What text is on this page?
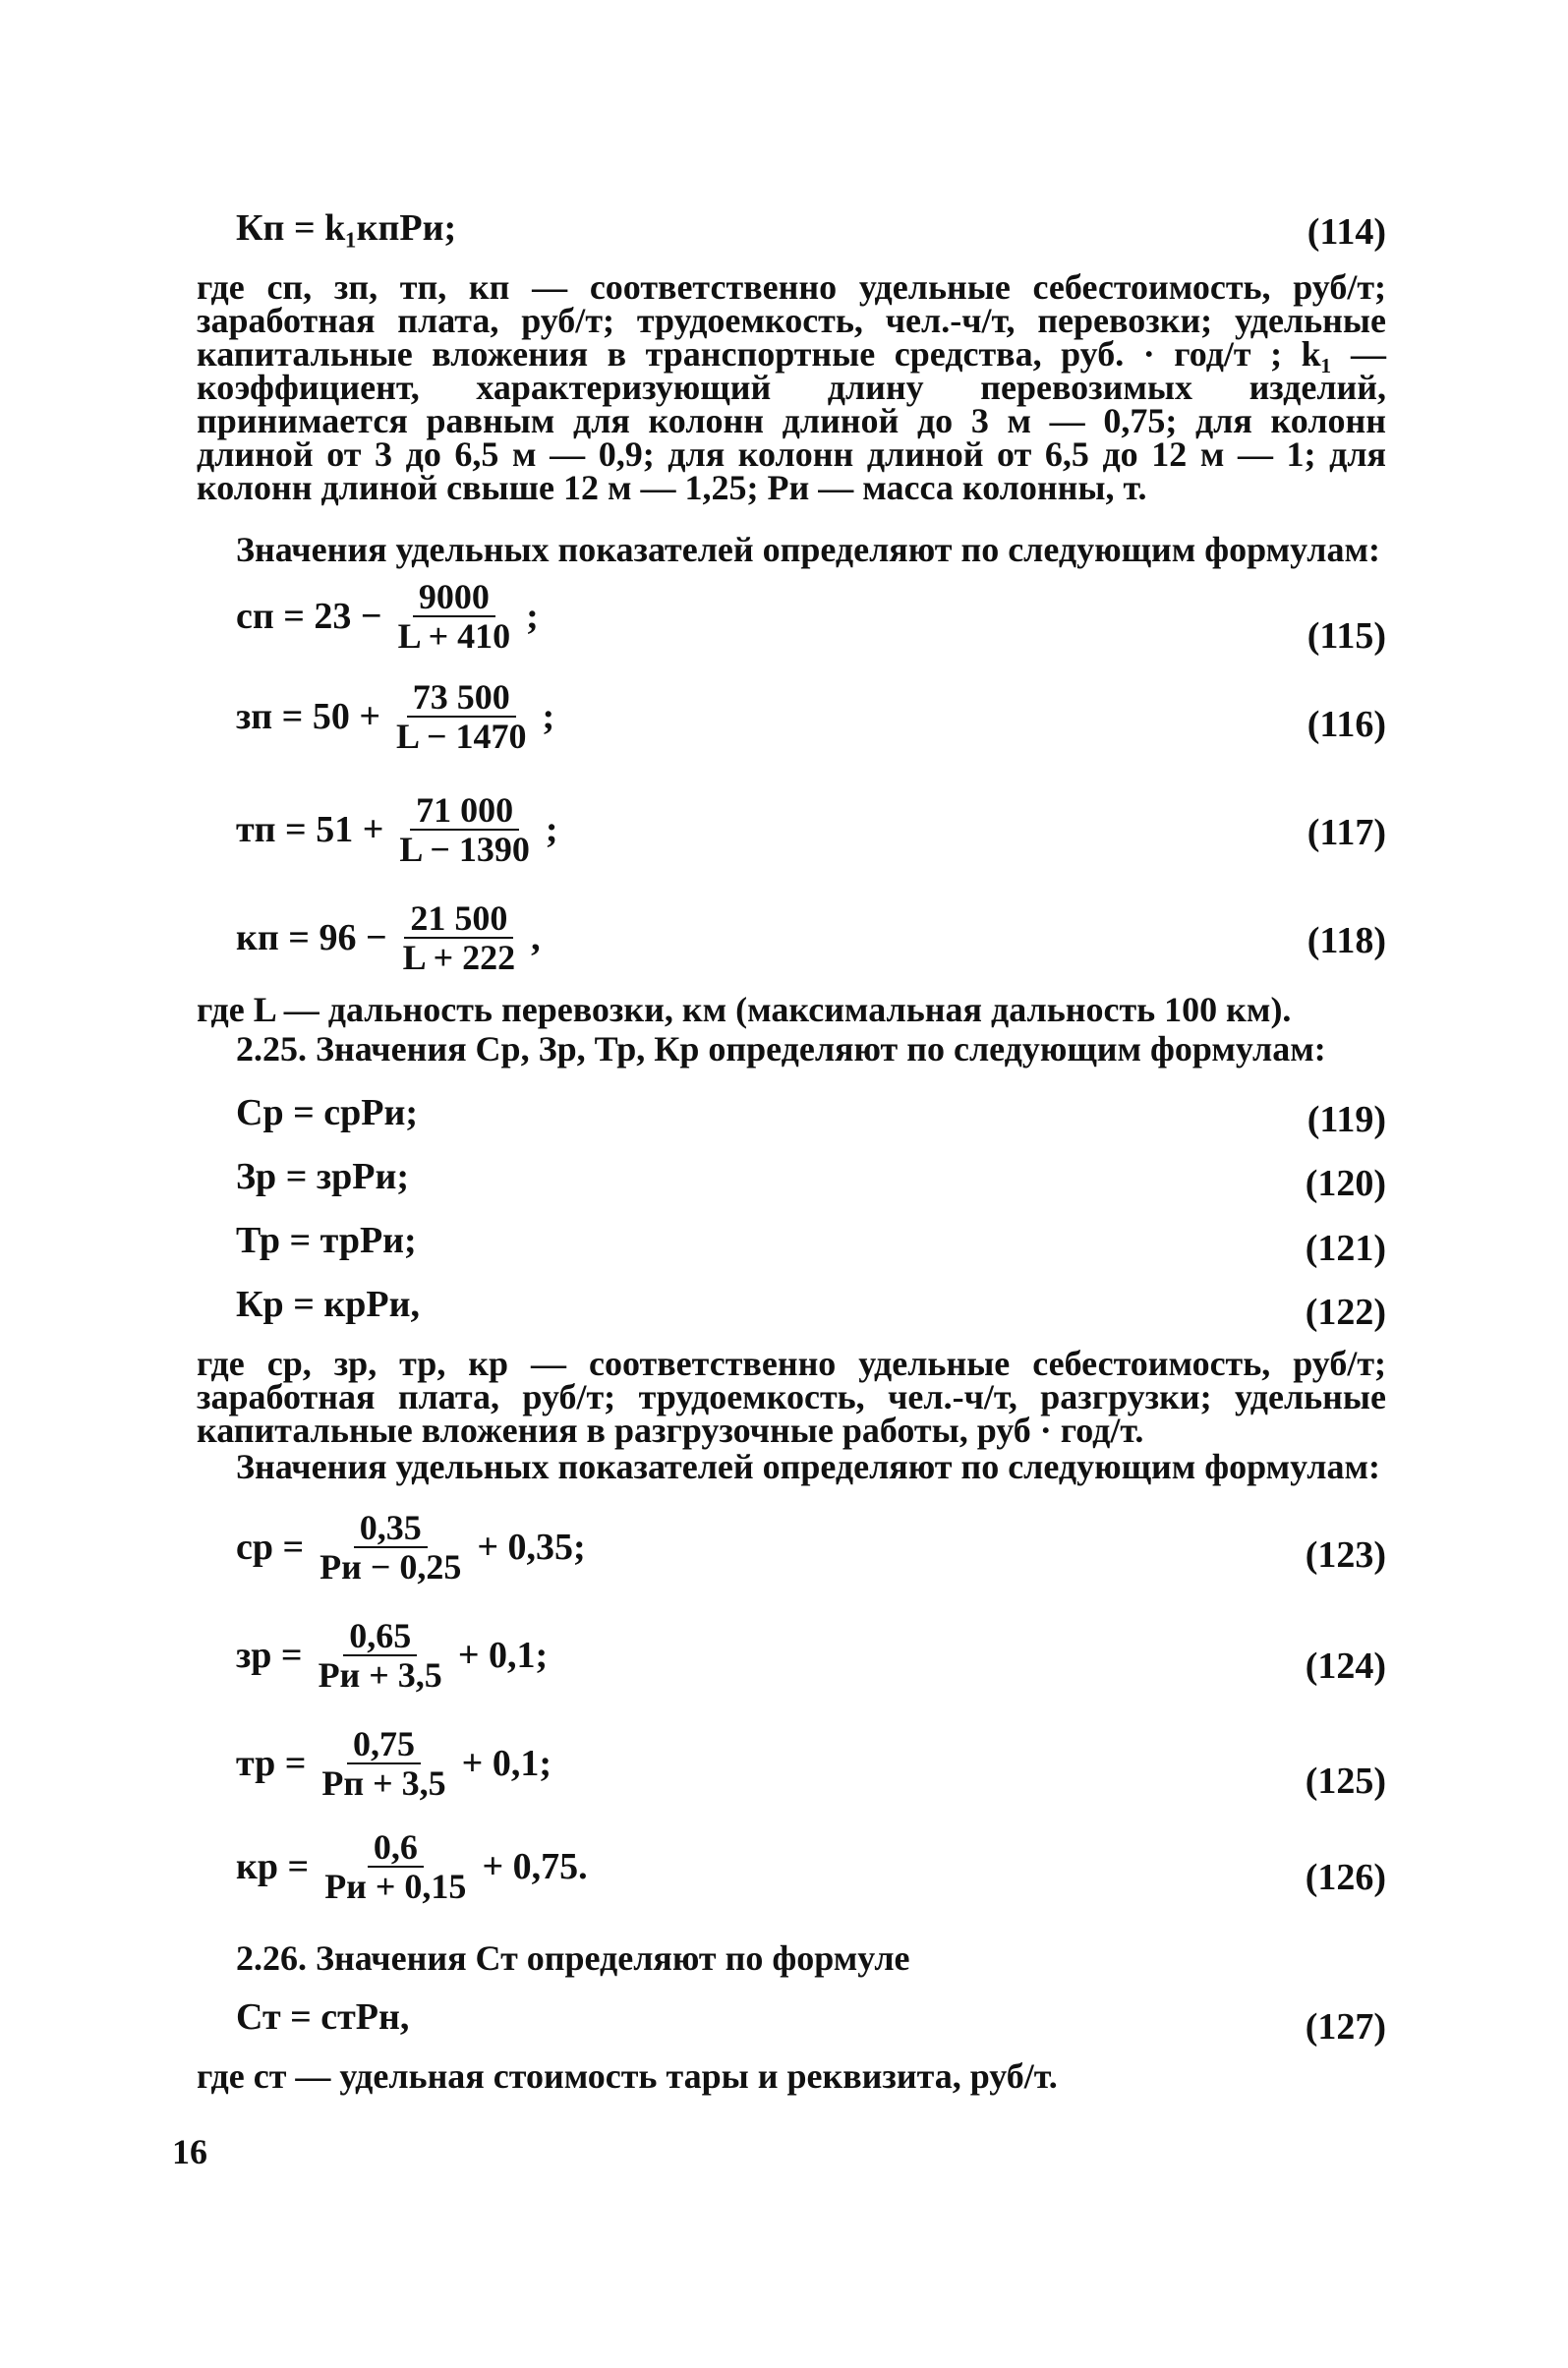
Кп = k₁кпРи;	(114)
где сп, зп, тп, кп — соответственно удельные себестоимость, руб/т; заработная плата, руб/т; трудоемкость, чел.-ч/т, перевозки; удельные капитальные вложения в транспортные средства, руб. · год/т ; k₁ — коэффициент, характеризующий длину перевозимых изделий, принимается равным для колонн длиной до 3 м — 0,75; для колонн длиной от 3 до 6,5 м — 0,9; для колонн длиной от 6,5 до 12 м — 1; для колонн длиной свыше 12 м — 1,25; Ри — масса колонны, т.
Значения удельных показателей определяют по следующим формулам:
сп = $23 - \frac{9000}{L + 410}$ ;	(115)
зп = $50 + \frac{73 500}{L - 1470}$ ;	(116)
тп = $51 + \frac{71 000}{L - 1390}$ ;	(117)
кп = $96 - \frac{21 500}{L + 222}$ ,	(118)
где L — дальность перевозки, км (максимальная дальность 100 км).
2.25. Значения Ср, Зр, Тр, Кр определяют по следующим формулам:
Ср = срРи;	(119)
Зр = зрРи;	(120)
Тр = трРи;	(121)
Кр = крРи,	(122)
где ср, зр, тр, кр — соответственно удельные себестоимость, руб/т; заработная плата, руб/т; трудоемкость, чел.-ч/т, разгрузки; удельные капитальные вложения в разгрузочные работы, руб · год/т.
Значения удельных показателей определяют по следующим формулам:
ср = $\frac{0,35}{Ри - 0,25} + 0,35$;	(123)
зр = $\frac{0,65}{Ри + 3,5} + 0,1$;	(124)
тр = $\frac{0,75}{Рп + 3,5} + 0,1$;	(125)
кр = $\frac{0,6}{Ри + 0,15} + 0,75$.	(126)
2.26. Значения Ст определяют по формуле
Ст = стРн,	(127)
где ст — удельная стоимость тары и реквизита, руб/т.
16
